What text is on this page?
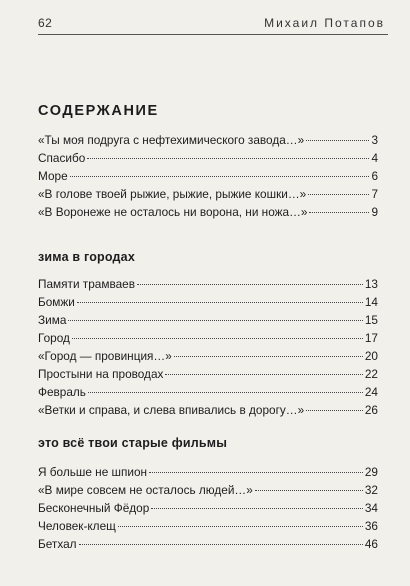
62	Михаил Потапов
СОДЕРЖАНИЕ
«Ты моя подруга с нефтехимического завода…»	3
Спасибо	4
Море	6
«В голове твоей рыжие, рыжие, рыжие кошки…»	7
«В Воронеже не осталось ни ворона, ни ножа…»	9
зима в городах
Памяти трамваев	13
Бомжи	14
Зима	15
Город	17
«Город — провинция…»	20
Простыни на проводах	22
Февраль	24
«Ветки и справа, и слева впивались в дорогу…»	26
это всё твои старые фильмы
Я больше не шпион	29
«В мире совсем не осталось людей…»	32
Бесконечный Фёдор	34
Человек-клещ	36
Бетхал	46
